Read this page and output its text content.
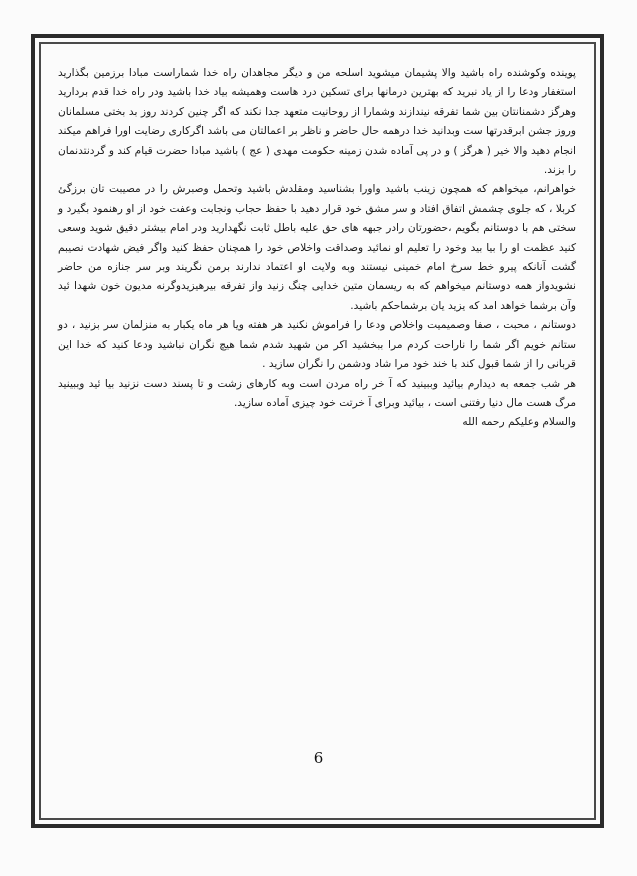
پوینده وکوشنده راه باشید والا پشیمان میشوید اسلحه من و دیگر مجاهدان راه خدا شماراست مبادا برزمین بگذارید استغفار ودعا را از یاد نبرید که بهترین درمانها برای تسکین درد هاست وهمیشه بیاد خدا باشید ودر راه خدا قدم بردارید وهرگز دشمنانتان بین شما تفرقه نیندازند وشمارا از روحانیت متعهد جدا نکند که اگر چنین کردند روز بد بختی مسلمانان وروز جشن ابرقدرتها ست وبدانید خدا درهمه حال حاضر و ناظر بر اعمالتان می باشد اگرکاری رضایت اورا فراهم میکند انجام دهید والا خیر ( هرگز ) و در پی آماده شدن زمینه حکومت مهدی ( عج ) باشید مبادا حضرت قیام کند و گردنتدنمان را بزند.

خواهرانم، میخواهم که همچون زینب باشید واورا بشناسید ومقلدش باشید وتحمل وصبرش را در مصیبت تان برزگئ کربلا ، که جلوی چشمش اتفاق افتاد و سر مشق خود قرار دهید با حفظ حجاب ونجابت وعفت خود از او رهنمود بگیرد و سختی هم با دوستانم بگویم ،حضورتان رادر جبهه های حق علیه باطل ثابت نگهدارید ودر امام بیشتر دقیق شوید وسعی کنید عظمت او را بیا بید وخود را تعلیم او نمائید وصداقت واخلاص خود را همچنان حفظ کنید واگر فیض شهادت نصیبم گشت آنانکه پیرو خط سرخ امام خمینی نیستند وبه ولایت او اعتماد ندارند برمن نگریند وبر سر جنازه من حاضر نشویدواز همه دوستانم میخواهم که به ریسمان متین خدایی چنگ زنید واز تفرقه بیرهیزیدوگرنه مدیون خون شهدا ئید وآن برشما خواهد امد که یزید یان برشماحکم باشید.

دوستانم ، محبت ، صفا وصمیمیت واخلاص ودعا را فراموش نکنید هر هفته ویا هر ماه یکبار به منزلمان سر بزنید ، دو ستانم خویم اگر شما را ناراحت کردم مرا ببخشید اکر من شهید شدم شما هیچ نگران نباشید ودعا کنید که خدا این قربانی را از شما قبول کند با خند خود مرا شاد ودشمن را نگران سازید .

هر شب جمعه به دیدارم بیائید وببینید که آ خر راه مردن است وبه کارهای زشت و تا پسند دست نزنید بیا ئید وببینید مرگ هست مال دنیا رفتنی است ، بیائید وبرای آ خرتت خود چیزی آماده سازید.

والسلام وعلیکم رحمه الله

6
